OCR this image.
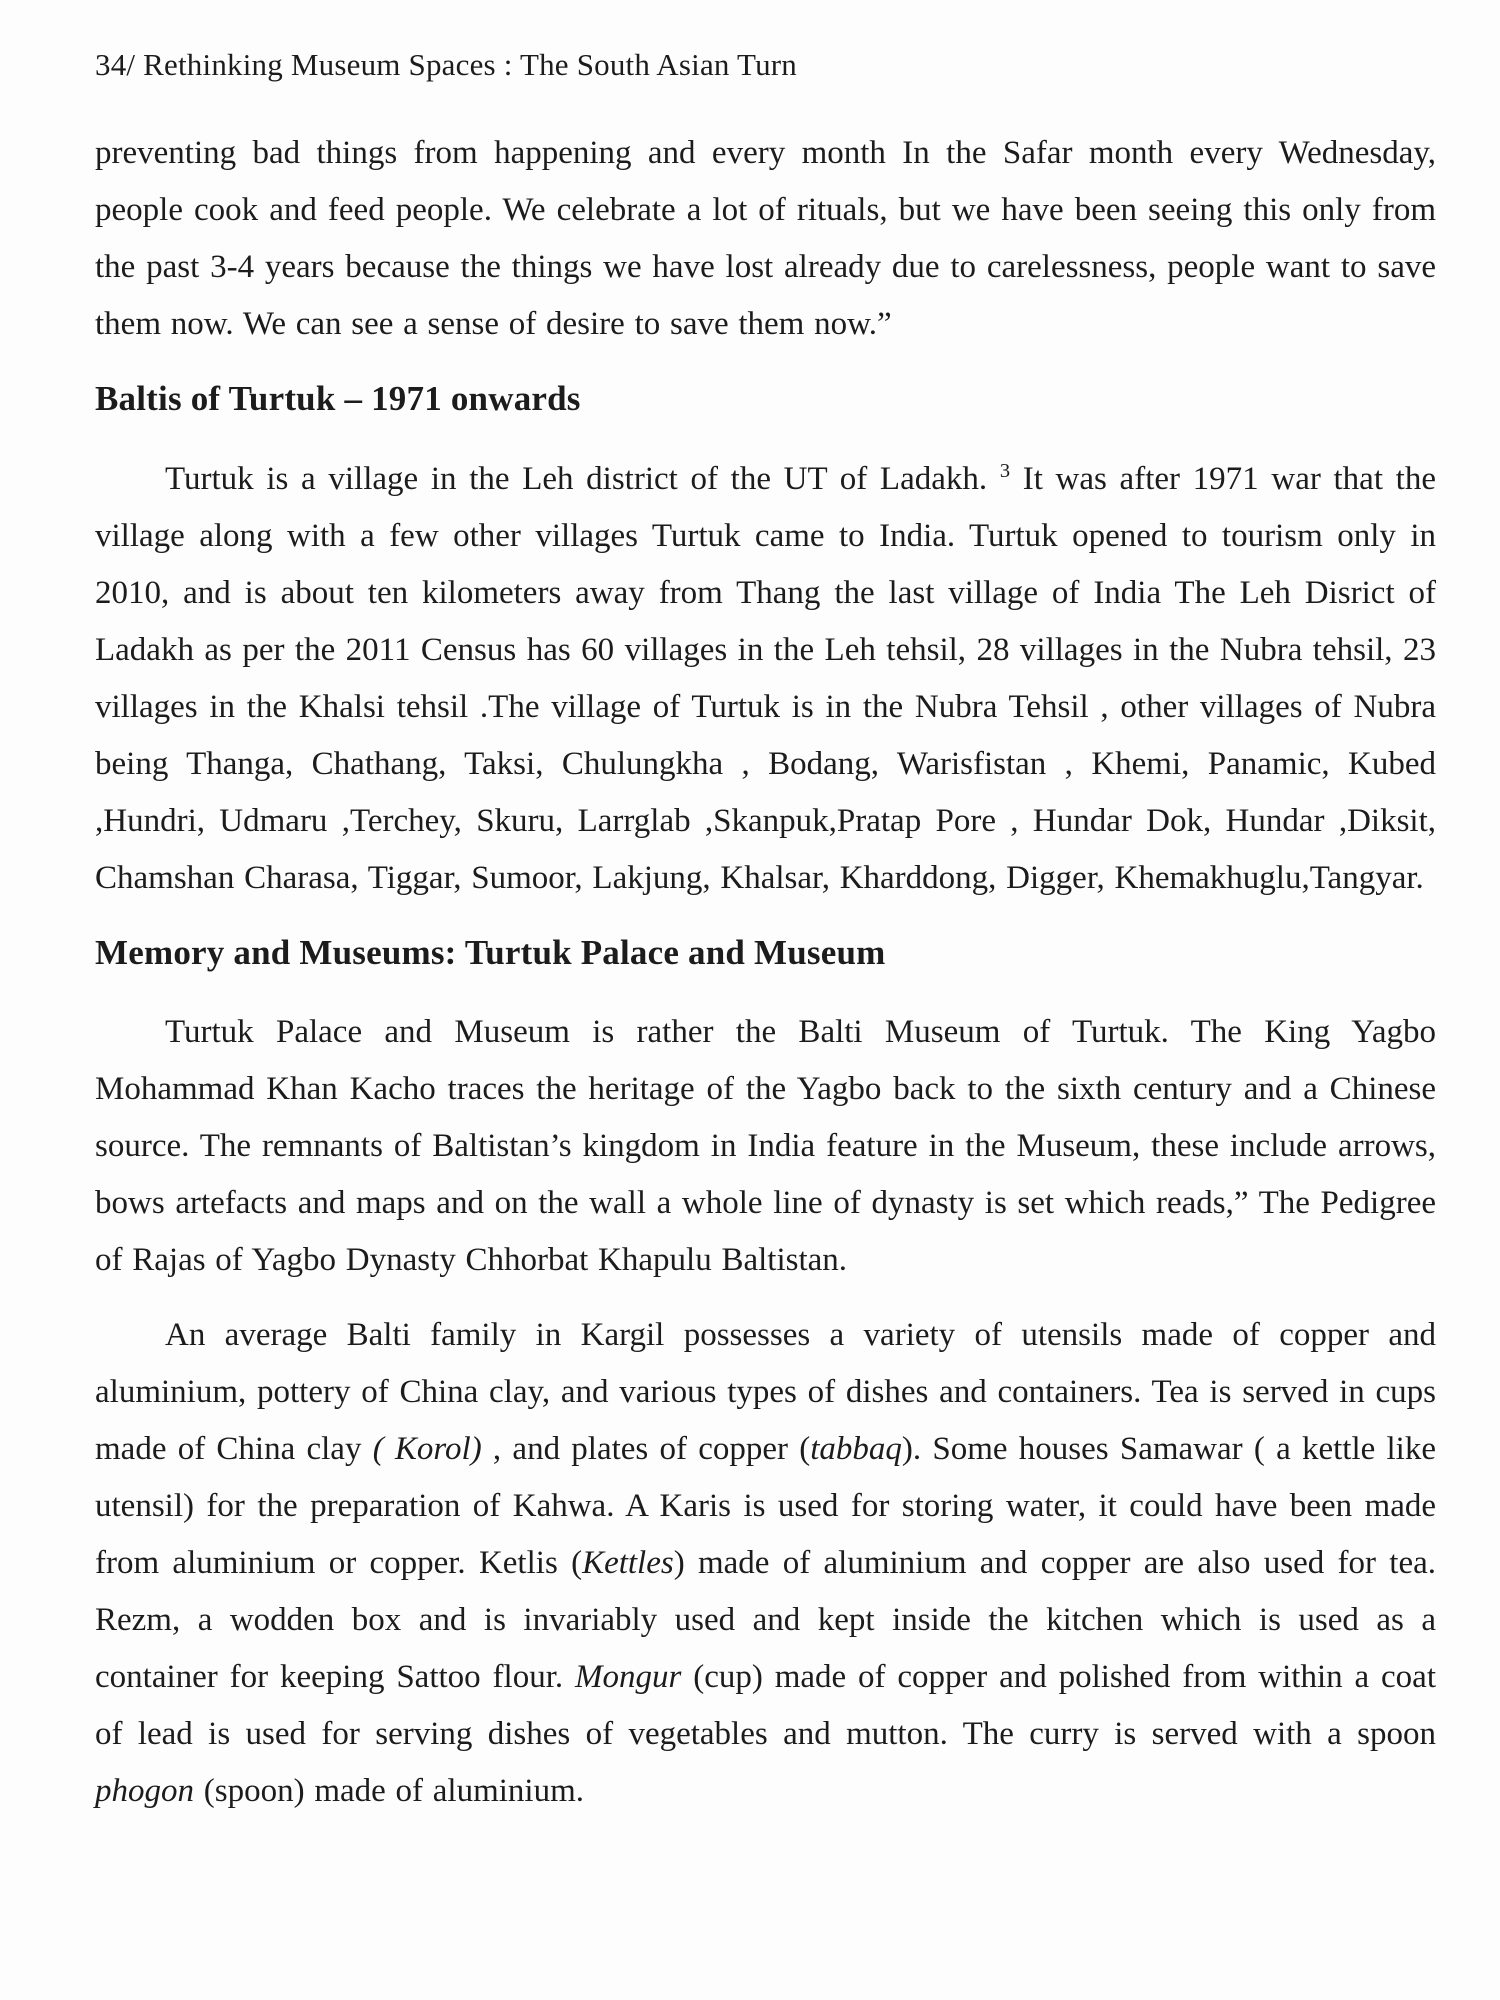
34/ Rethinking Museum Spaces : The South Asian Turn

preventing bad things from happening and every month In the Safar month every Wednesday, people cook and feed people. We celebrate a lot of rituals, but we have been seeing this only from the past 3-4 years because the things we have lost already due to carelessness, people want to save them now. We can see a sense of desire to save them now.”

Baltis of Turtuk – 1971 onwards

Turtuk is a village in the Leh district of the UT of Ladakh. $^3$ It was after 1971 war that the village along with a few other villages Turtuk came to India. Turtuk opened to tourism only in 2010, and is about ten kilometers away from Thang the last village of India The Leh Disrict of Ladakh as per the 2011 Census has 60 villages in the Leh tehsil, 28 villages in the Nubra tehsil, 23 villages in the Khalsi tehsil .The village of Turtuk is in the Nubra Tehsil , other villages of Nubra being Thanga, Chathang, Taksi, Chulungkha , Bodang, Warisfistan , Khemi, Panamic, Kubed ,Hundri, Udmaru ,Terchey, Skuru, Larrglab ,Skanpuk,Pratap Pore , Hundar Dok, Hundar ,Diksit, Chamshan Charasa, Tiggar, Sumoor, Lakjung, Khalsar, Kharddong, Digger, Khemakhuglu,Tangyar.

Memory and Museums: Turtuk Palace and Museum

Turtuk Palace and Museum is rather the Balti Museum of Turtuk. The King Yagbo Mohammad Khan Kacho traces the heritage of the Yagbo back to the sixth century and a Chinese source. The remnants of Baltistan’s kingdom in India feature in the Museum, these include arrows, bows artefacts and maps and on the wall a whole line of dynasty is set which reads,” The Pedigree of Rajas of Yagbo Dynasty Chhorbat Khapulu Baltistan.

An average Balti family in Kargil possesses a variety of utensils made of copper and aluminium, pottery of China clay, and various types of dishes and containers. Tea is served in cups made of China clay ( Korol) , and plates of copper (tabbaq). Some houses Samawar ( a kettle like utensil) for the preparation of Kahwa. A Karis is used for storing water, it could have been made from aluminium or copper. Ketlis (Kettles) made of aluminium and copper are also used for tea. Rezm, a wodden box and is invariably used and kept inside the kitchen which is used as a container for keeping Sattoo flour. Mongur (cup) made of copper and polished from within a coat of lead is used for serving dishes of vegetables and mutton. The curry is served with a spoon phogon (spoon) made of aluminium.
